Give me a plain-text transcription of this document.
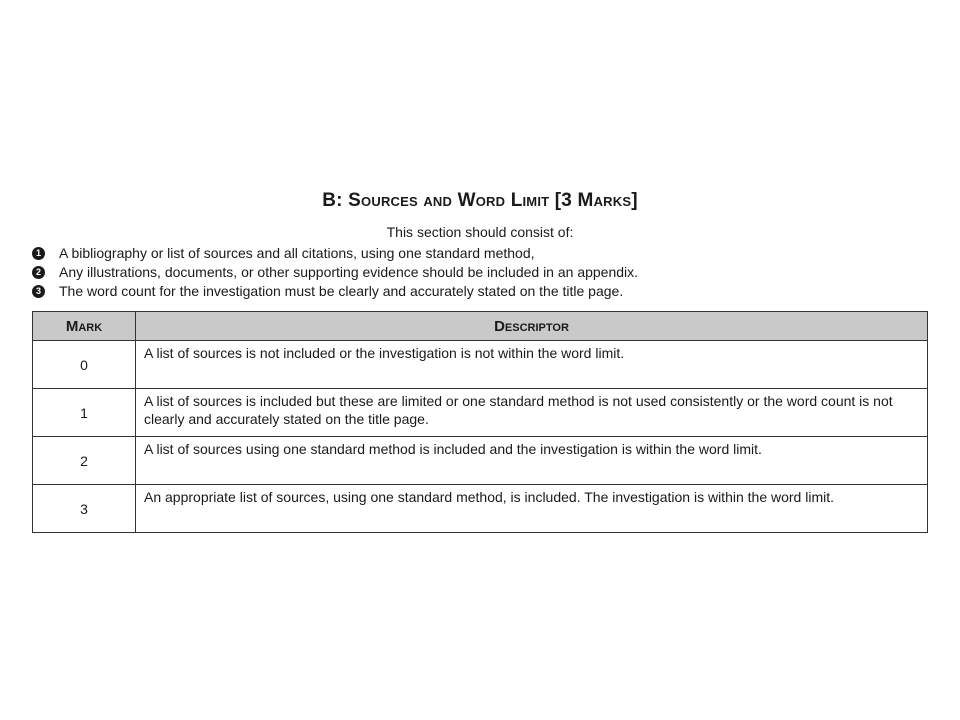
B: Sources and Word Limit [3 Marks]
This section should consist of:
1 A bibliography or list of sources and all citations, using one standard method,
2 Any illustrations, documents, or other supporting evidence should be included in an appendix.
3 The word count for the investigation must be clearly and accurately stated on the title page.
Mark	Descriptor
0	A list of sources is not included or the investigation is not within the word limit.
1	A list of sources is included but these are limited or one standard method is not used consistently or the word count is not clearly and accurately stated on the title page.
2	A list of sources using one standard method is included and the investigation is within the word limit.
3	An appropriate list of sources, using one standard method, is included. The investigation is within the word limit.
